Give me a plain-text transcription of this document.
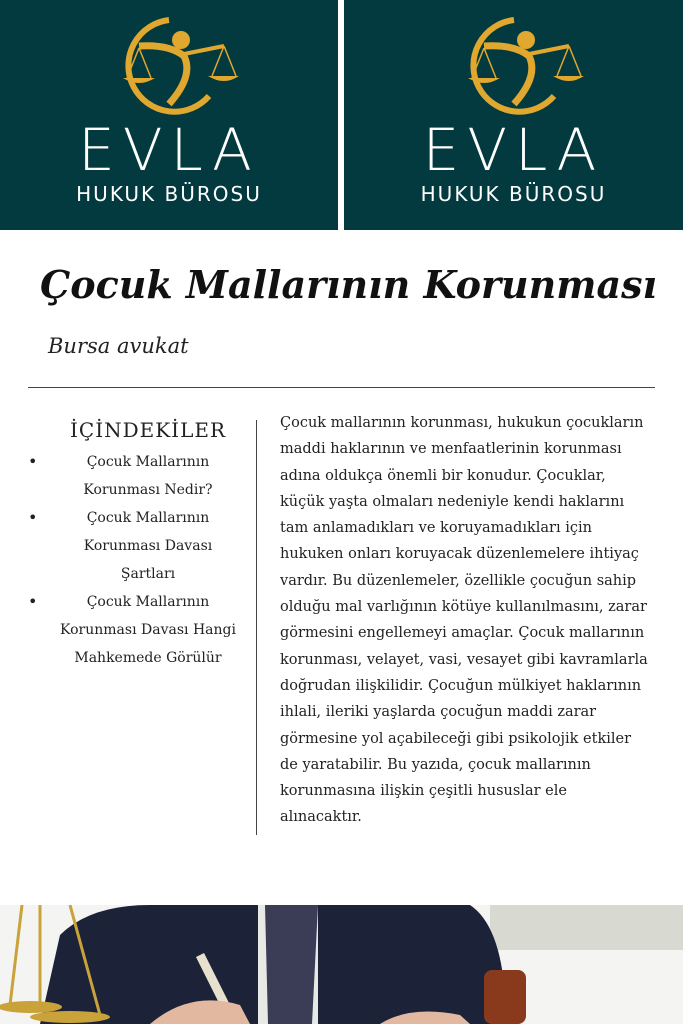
EVLA
HUKUK BÜROSU
EVLA
HUKUK BÜROSU
Çocuk Mallarının Korunması
Bursa avukat
İÇİNDEKİLER
• Çocuk Mallarının Korunması Nedir?
• Çocuk Mallarının Korunması Davası Şartları
• Çocuk Mallarının Korunması Davası Hangi Mahkemede Görülür

Çocuk mallarının korunması, hukukun çocukların maddi haklarının ve menfaatlerinin korunması adına oldukça önemli bir konudur. Çocuklar, küçük yaşta olmaları nedeniyle kendi haklarını tam anlamadıkları ve koruyamadıkları için hukuken onları koruyacak düzenlemelere ihtiyaç vardır. Bu düzenlemeler, özellikle çocuğun sahip olduğu mal varlığının kötüye kullanılmasını, zarar görmesini engellemeyi amaçlar. Çocuk mallarının korunması, velayet, vasi, vesayet gibi kavramlarla doğrudan ilişkilidir. Çocuğun mülkiyet haklarının ihlali, ileriki yaşlarda çocuğun maddi zarar görmesine yol açabileceği gibi psikolojik etkiler de yaratabilir. Bu yazıda, çocuk mallarının korunmasına ilişkin çeşitli hususlar ele alınacaktır.
